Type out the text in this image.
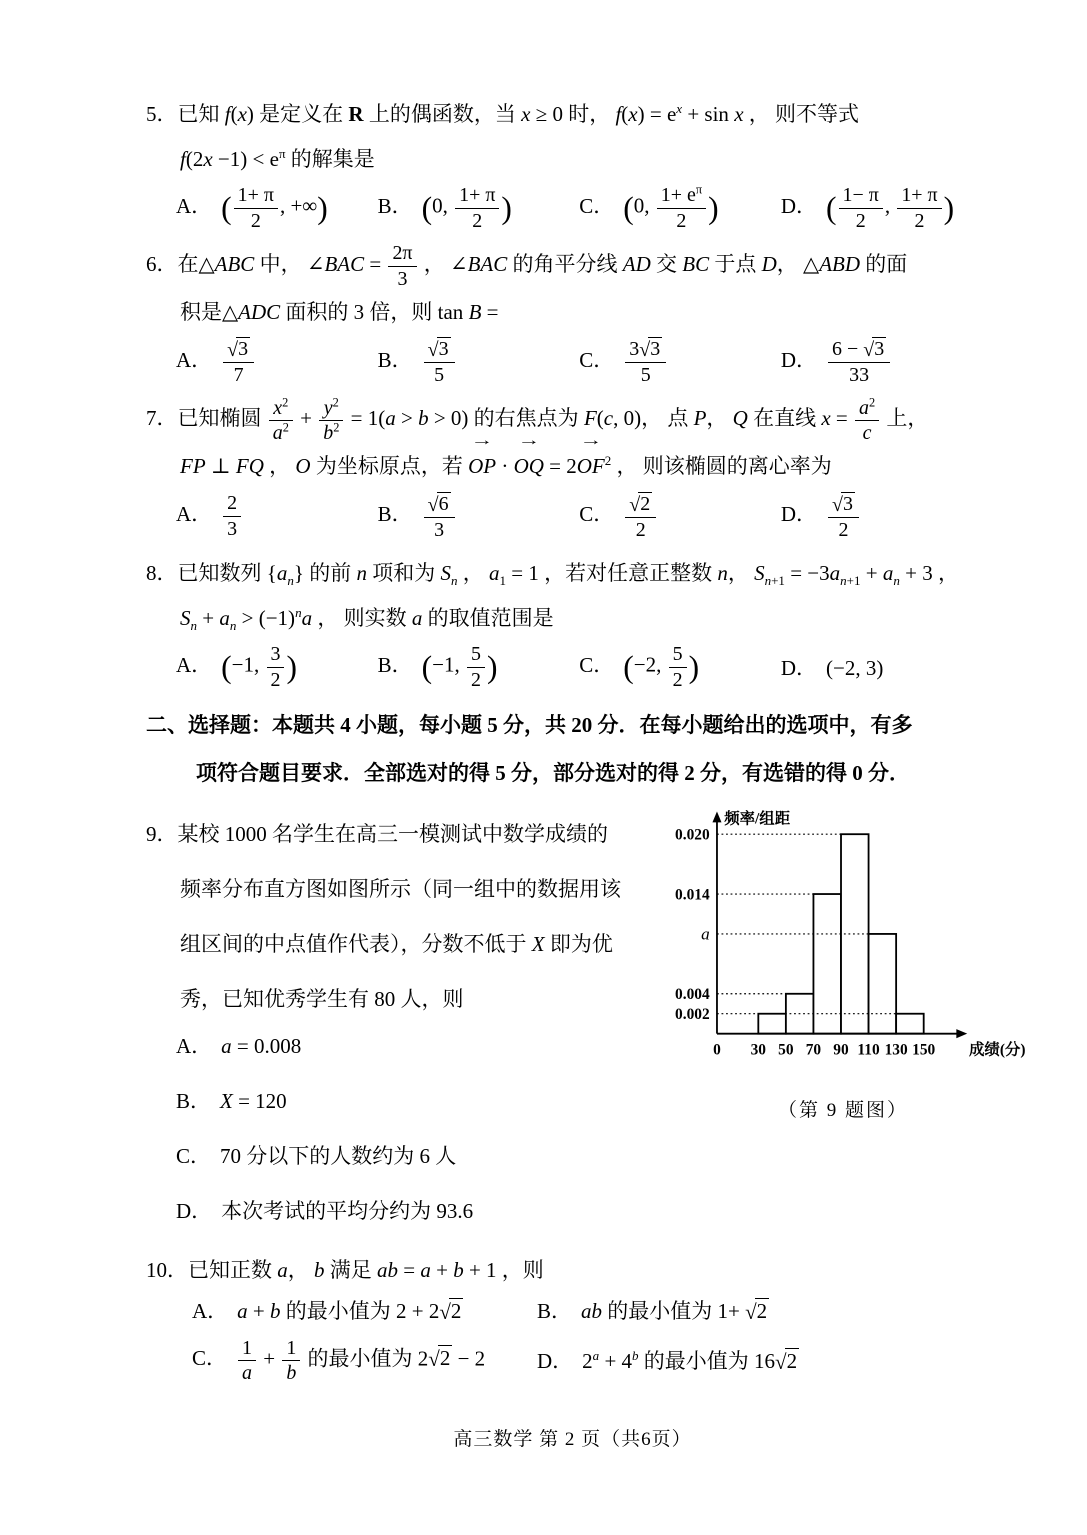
5．已知 f(x) 是定义在 R 上的偶函数，当 x ≥ 0 时， $f(x) = e^x + \sin x$ ， 则不等式
$f(2x -1) < e^\pi$ 的解集是
A． ( $\frac{1+ \pi}{2}$ , +∞)	B． (0, $\frac{1+ \pi}{2}$ )	C． (0, $\frac{1+ e^\pi}{2}$ )	D． ( $\frac{1- \pi}{2}$ , $\frac{1+ \pi}{2}$ )
6．在△ABC 中， ∠BAC = $\frac{2\pi}{3}$ ， ∠BAC 的角平分线 AD 交 BC 于点 D， △ABD 的面
积是△ADC 面积的 3 倍，则 tan B =
A． $\frac{√3}{7}$	B． $\frac{√3}{5}$	C． $\frac{3√3}{5}$	D． $\frac{6 - √3}{33}$
7．已知椭圆 $\frac{x^2}{a^2} + \frac{y^2}{b^2} = 1(a > b > 0)$ 的右焦点为 F(c, 0)， 点 P， Q 在直线 $x = \frac{a^2}{c}$ 上，
FP ⊥ FQ ， O 为坐标原点，若
→
OP ·
→
OQ = 2
→
$OF^2$ ， 则该椭圆的离心率为
A． $\frac{2}{3}$	B． $\frac{√6}{3}$	C． $\frac{√2}{2}$	D． $\frac{√3}{2}$
8．已知数列 $\{a_n\}$ 的前 n 项和为 $S_n$ ， $a_1 = 1$ ，若对任意正整数 n， $S_{n+1} = -3a_{n+1} + a_n + 3$ ，
$S_n + a_n > (-1)^na$ ， 则实数 a 的取值范围是
A． (−1, $\frac{3}{2}$ )	B． (−1, $\frac{5}{2}$ )	C． (−2, $\frac{5}{2}$ )	D． (−2, 3)
二、选择题：本题共 4 小题，每小题 5 分，共 20 分．在每小题给出的选项中，有多
项符合题目要求．全部选对的得 5 分，部分选对的得 2 分，有选错的得 0 分．
9．某校 1000 名学生在高三一模测试中数学成绩的
频率分布直方图如图所示（同一组中的数据用该
组区间的中点值作代表），分数不低于 X 即为优
秀，已知优秀学生有 80 人，则
A． a = 0.008
B． X = 120
C． 70 分以下的人数约为 6 人
D． 本次考试的平均分约为 93.6
0.002
0.004
a
0.014
0.020
0 30 50 70 90 110 130 150
频率/组距
成绩(分)
（第 9 题图）
10．已知正数 a， b 满足 ab = a + b + 1 ，则
A． a + b 的最小值为 2 + 2√2	B． ab 的最小值为 1+ √2
C． $\frac{1}{a} + \frac{1}{b}$ 的最小值为 2√2 − 2	D． $2^a + 4^b$ 的最小值为 16√2
高三数学 第 2 页（共6页）
